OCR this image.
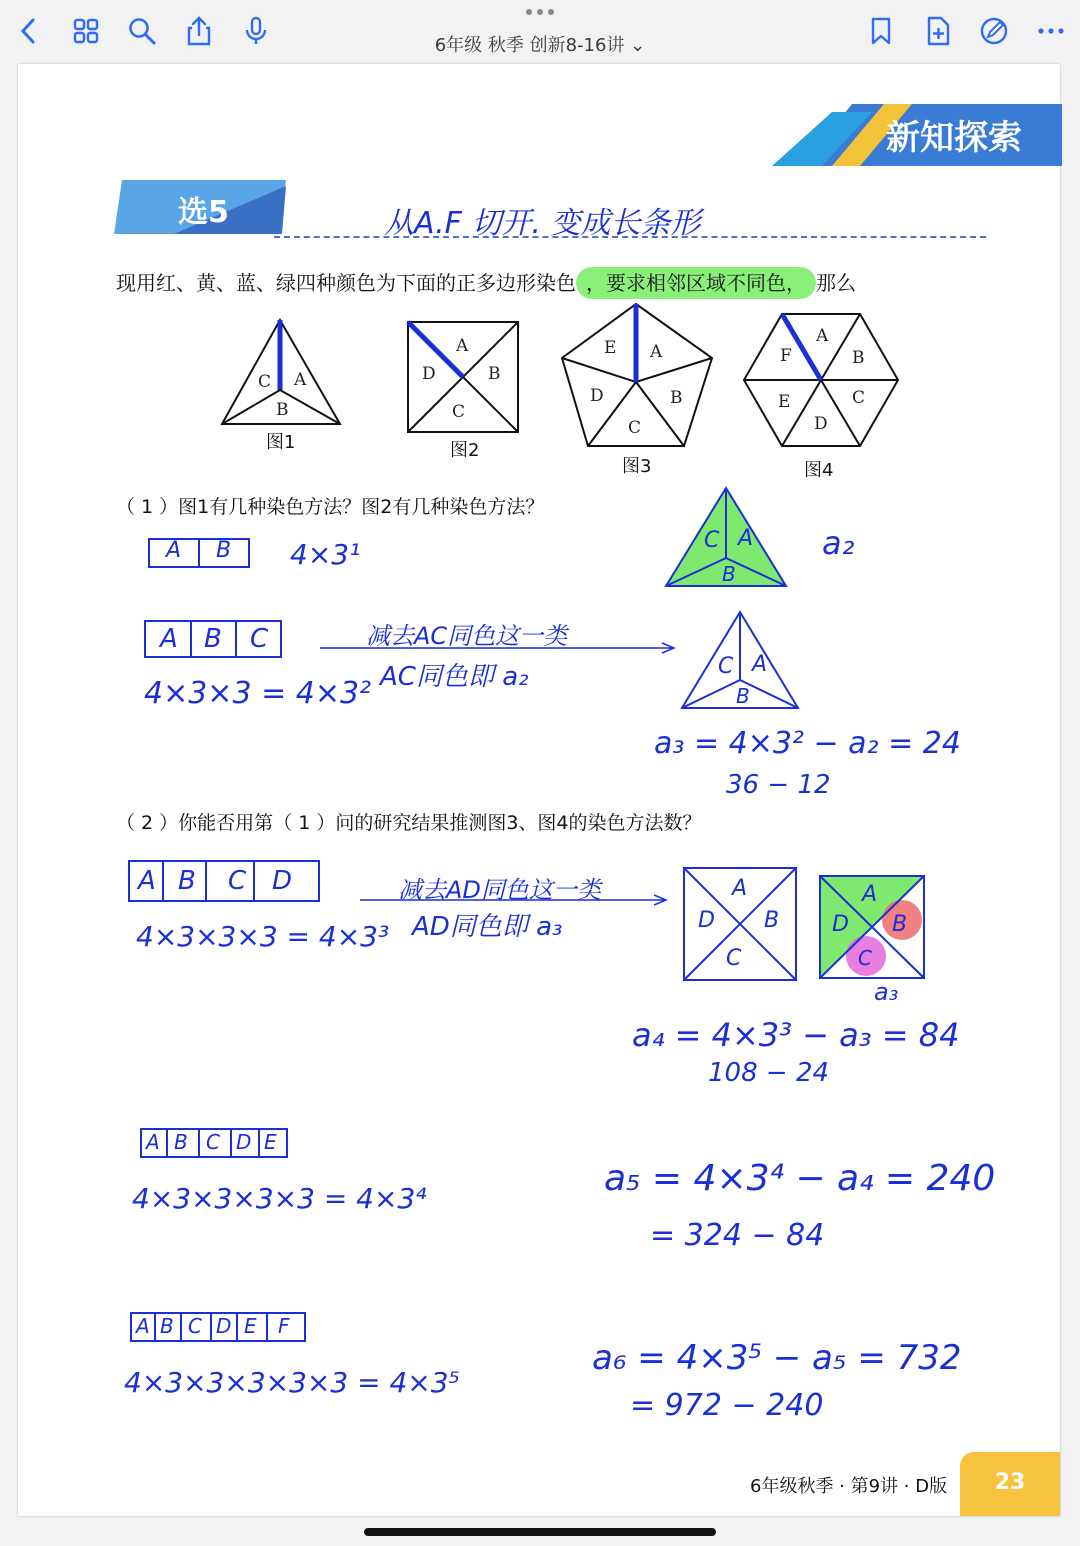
6年级 秋季 创新8-16讲 ⌄
新知探索
选5	从A.F 切开. 变成长条形
现用红、黄、蓝、绿四种颜色为下面的正多边形染色 ，要求相邻区域不同色， 那么
C A
B
图1
A
D	B
C
图2
E A
D	B
C
图3
A
F	B
E	C
D
图4
（ 1 ）图1有几种染色方法？图2有几种染色方法？
A B 4×3¹	C A
B
a₂
A B C
4×3×3 = 4×3²
减去AC同色这一类
AC同色即 a₂	C A
B
a₃ = 4×3² − a₂ = 24
36 − 12
（ 2 ）你能否用第（ 1 ）问的研究结果推测图3、图4的染色方法数？
A B C D
4×3×3×3 = 4×3³
减去AD同色这一类
AD同色即 a₃
A
D B
C
A
D B
C
a₃
a₄ = 4×3³ − a₃ = 84
108 − 24
A B C D E
4×3×3×3×3 = 4×3⁴	a₅ = 4×3⁴ − a₄ = 240
= 324 − 84
A B C D E F
4×3×3×3×3×3 = 4×3⁵
a₆ = 4×3⁵ − a₅ = 732
= 972 − 240
6年级秋季 · 第9讲 · D版	23
